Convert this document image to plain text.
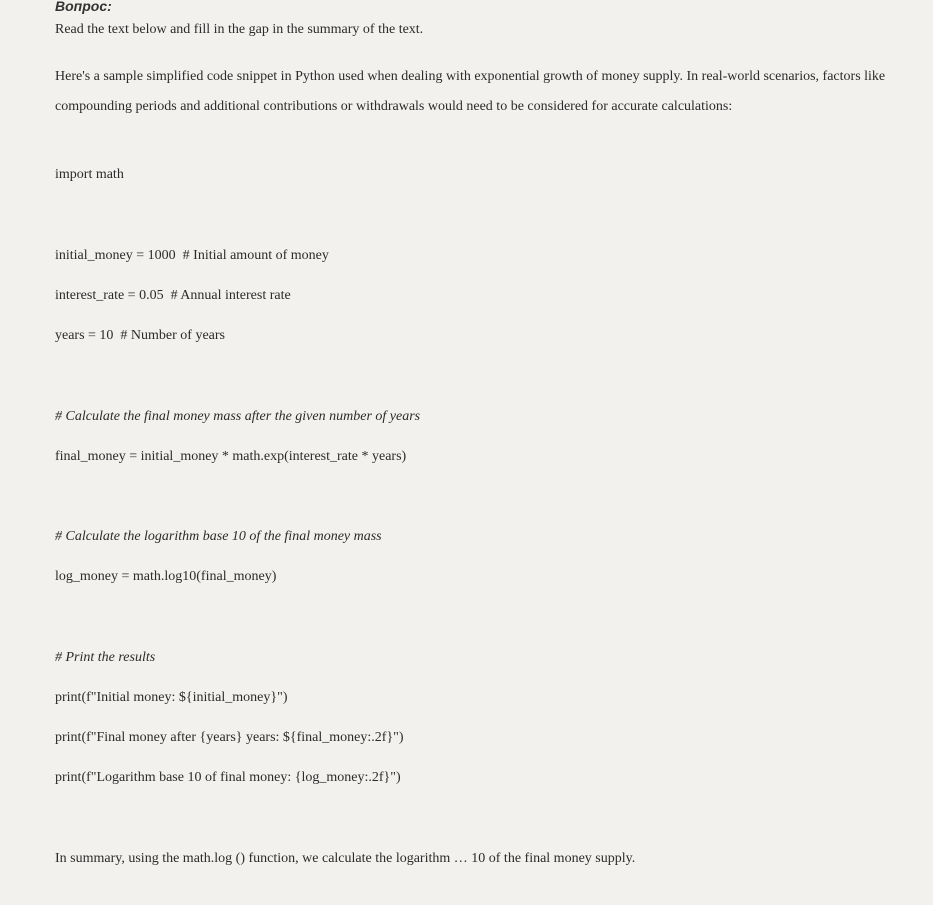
Вопрос:
Read the text below and fill in the gap in the summary of the text.
Here's a sample simplified code snippet in Python used when dealing with exponential growth of money supply. In real-world scenarios, factors like compounding periods and additional contributions or withdrawals would need to be considered for accurate calculations:
import math
initial_money = 1000  # Initial amount of money
interest_rate = 0.05  # Annual interest rate
years = 10  # Number of years
# Calculate the final money mass after the given number of years
final_money = initial_money * math.exp(interest_rate * years)
# Calculate the logarithm base 10 of the final money mass
log_money = math.log10(final_money)
# Print the results
print(f"Initial money: ${initial_money}")
print(f"Final money after {years} years: ${final_money:.2f}")
print(f"Logarithm base 10 of final money: {log_money:.2f}")
In summary, using the math.log () function, we calculate the logarithm … 10 of the final money supply.
